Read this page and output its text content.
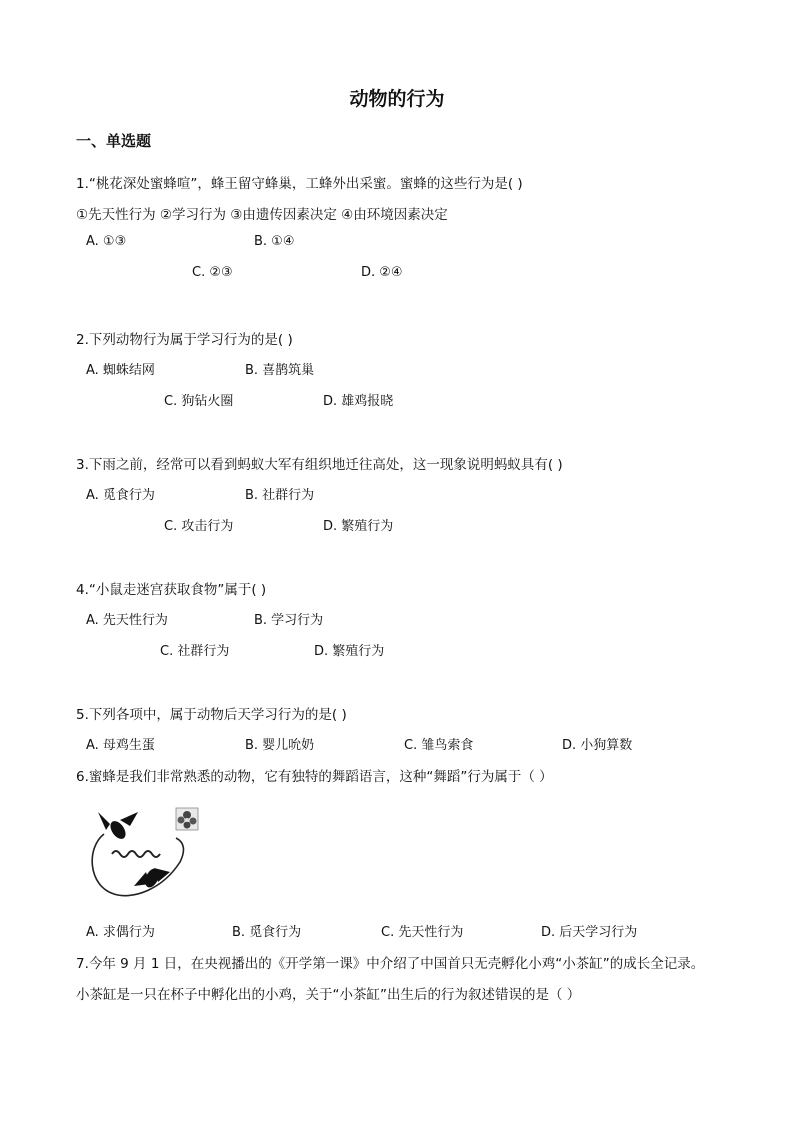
动物的行为
一、单选题
1.“桃花深处蜜蜂喧”，蜂王留守蜂巢，工蜂外出采蜜。蜜蜂的这些行为是( )
①先天性行为 ②学习行为 ③由遗传因素决定 ④由环境因素决定
A. ①③	B. ①④
C. ②③	D. ②④
2.下列动物行为属于学习行为的是( )
A. 蜘蛛结网	B. 喜鹊筑巢
C. 狗钻火圈	D. 雄鸡报晓
3.下雨之前，经常可以看到蚂蚁大军有组织地迁往高处，这一现象说明蚂蚁具有( )
A. 觅食行为	B. 社群行为
C. 攻击行为	D. 繁殖行为
4.“小鼠走迷宫获取食物”属于( )
A. 先天性行为	B. 学习行为
C. 社群行为	D. 繁殖行为
5.下列各项中，属于动物后天学习行为的是( )
A. 母鸡生蛋	B. 婴儿吮奶	C. 雏鸟索食	D. 小狗算数
6.蜜蜂是我们非常熟悉的动物，它有独特的舞蹈语言，这种“舞蹈”行为属于（ ）
A. 求偶行为	B. 觅食行为	C. 先天性行为	D. 后天学习行为
7.今年 9 月 1 日，在央视播出的《开学第一课》中介绍了中国首只无壳孵化小鸡“小茶缸”的成长全记录。
小茶缸是一只在杯子中孵化出的小鸡，关于“小茶缸”出生后的行为叙述错误的是（ ）
